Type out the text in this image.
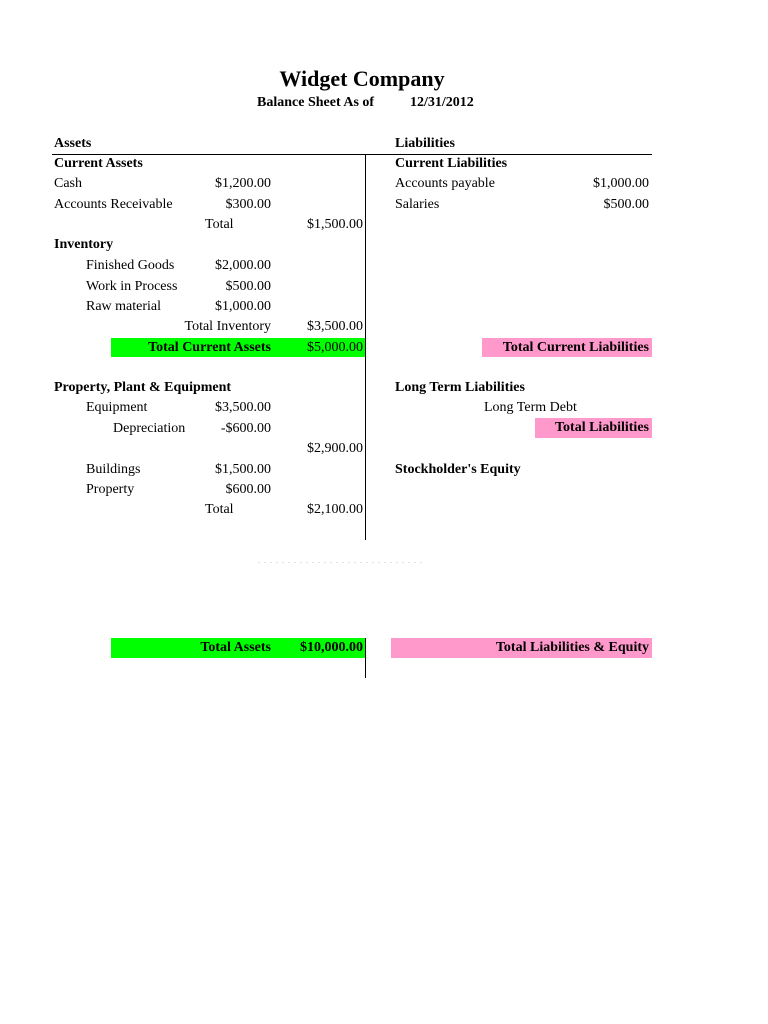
Widget Company
Balance Sheet As of	12/31/2012
Assets	Liabilities
Current Assets
Cash	$1,200.00
Accounts Receivable	$300.00
Total	$1,500.00
Inventory
Finished Goods	$2,000.00
Work in Process	$500.00
Raw material	$1,000.00
Total Inventory	$3,500.00
Total Current Assets	$5,000.00
Property, Plant & Equipment
Equipment	$3,500.00
Depreciation	-$600.00
$2,900.00
Buildings	$1,500.00
Property	$600.00
Total	$2,100.00
. . . . . . . . . . . . . . . . . . . . . . . . . . . .
Total Assets	$10,000.00
Current Liabilities
Accounts payable	$1,000.00
Salaries	$500.00
Total Current Liabilities
Long Term Liabilities
Long Term Debt
Total Liabilities
Stockholder's Equity
Total Liabilities & Equity
